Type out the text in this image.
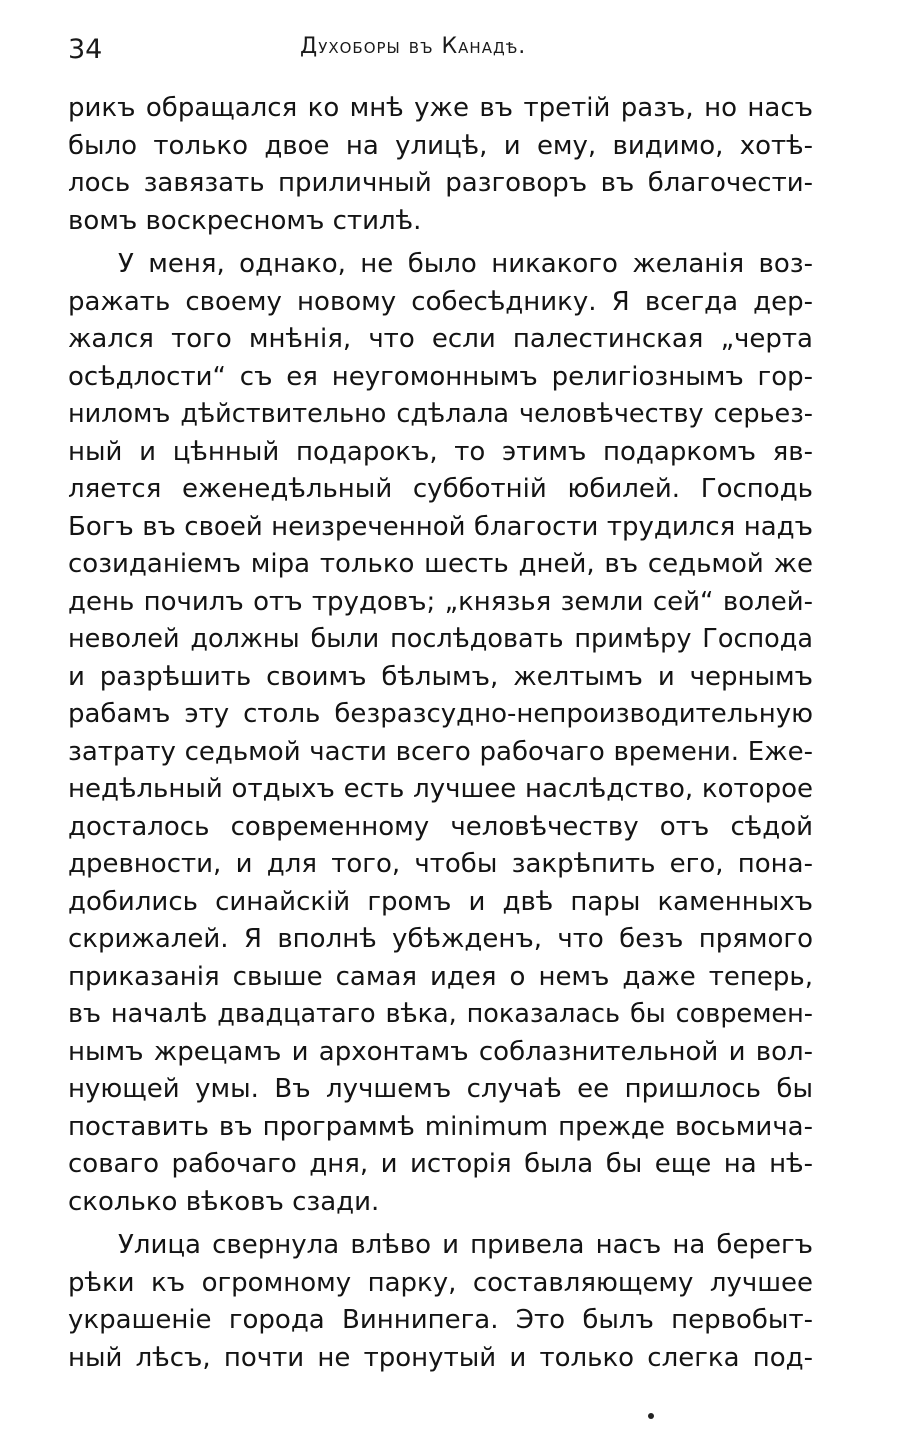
34	Духоборы въ Канадѣ.
рикъ обращался ко мнѣ уже въ третій разъ, но насъ
было только двое на улицѣ, и ему, видимо, хотѣ-
лось завязать приличный разговоръ въ благочести-
вомъ воскресномъ стилѣ.
У меня, однако, не было никакого желанія воз-
ражать своему новому собесѣднику. Я всегда дер-
жался того мнѣнія, что если палестинская „черта
осѣдлости“ съ ея неугомоннымъ религіознымъ гор-
ниломъ дѣйствительно сдѣлала человѣчеству серьез-
ный и цѣнный подарокъ, то этимъ подаркомъ яв-
ляется еженедѣльный субботній юбилей. Господь
Богъ въ своей неизреченной благости трудился надъ
созиданіемъ міра только шесть дней, въ седьмой же
день почилъ отъ трудовъ; „князья земли сей“ волей-
неволей должны были послѣдовать примѣру Господа
и разрѣшить своимъ бѣлымъ, желтымъ и чернымъ
рабамъ эту столь безразсудно-непроизводительную
затрату седьмой части всего рабочаго времени. Еже-
недѣльный отдыхъ есть лучшее наслѣдство, которое
досталось современному человѣчеству отъ сѣдой
древности, и для того, чтобы закрѣпить его, пона-
добились синайскій громъ и двѣ пары каменныхъ
скрижалей. Я вполнѣ убѣжденъ, что безъ прямого
приказанія свыше самая идея о немъ даже теперь,
въ началѣ двадцатаго вѣка, показалась бы современ-
нымъ жрецамъ и архонтамъ соблазнительной и вол-
нующей умы. Въ лучшемъ случаѣ ее пришлось бы
поставить въ программѣ minimum прежде восьмича-
соваго рабочаго дня, и исторія была бы еще на нѣ-
сколько вѣковъ сзади.
Улица свернула влѣво и привела насъ на берегъ
рѣки къ огромному парку, составляющему лучшее
украшеніе города Виннипега. Это былъ первобыт-
ный лѣсъ, почти не тронутый и только слегка под-
